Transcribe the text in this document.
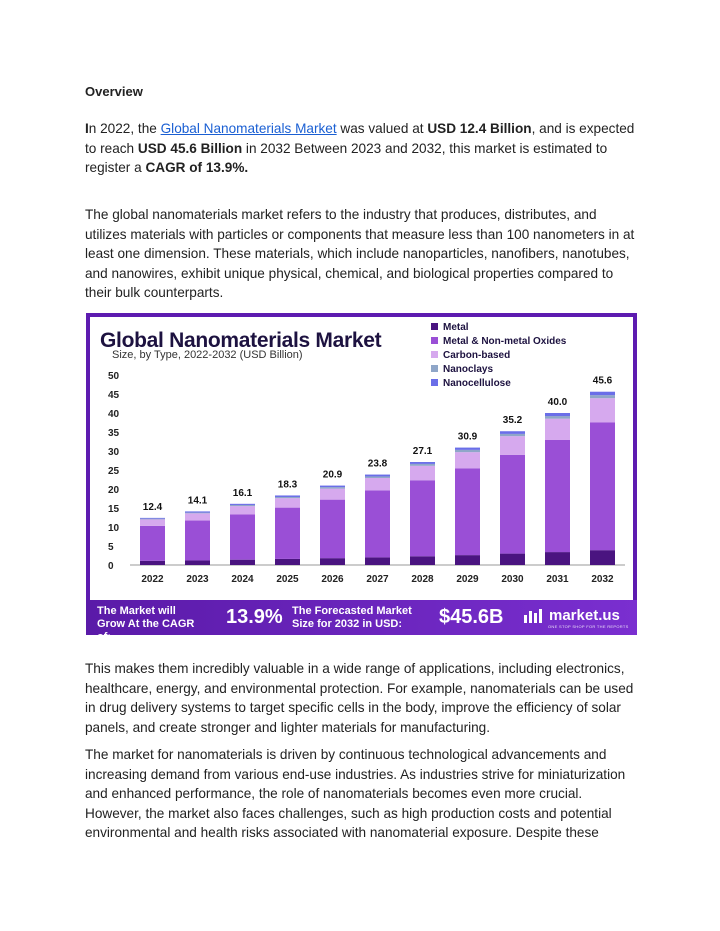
Overview

In 2022, the Global Nanomaterials Market was valued at USD 12.4 Billion, and is expected to reach USD 45.6 Billion in 2032 Between 2023 and 2032, this market is estimated to register a CAGR of 13.9%.

The global nanomaterials market refers to the industry that produces, distributes, and utilizes materials with particles or components that measure less than 100 nanometers in at least one dimension. These materials, which include nanoparticles, nanofibers, nanotubes, and nanowires, exhibit unique physical, chemical, and biological properties compared to their bulk counterparts.

Global Nanomaterials Market
Size, by Type, 2022-2032 (USD Billion)
0
5
10
15
20
25
30
35
40
45
50
12.4
2022
14.1
2023
16.1
2024
18.3
2025
20.9
2026
23.8
2027
27.1
2028
30.9
2029
35.2
2030
40.0
2031
45.6
2032
Metal
Metal & Non-metal Oxides
Carbon-based
Nanoclays
Nanocellulose
The Market will Grow At the CAGR of:
13.9% The Forecasted Market Size for 2032 in USD:	$45.6B	market.us
ONE STOP SHOP FOR THE REPORTS

This makes them incredibly valuable in a wide range of applications, including electronics, healthcare, energy, and environmental protection. For example, nanomaterials can be used in drug delivery systems to target specific cells in the body, improve the efficiency of solar panels, and create stronger and lighter materials for manufacturing.

The market for nanomaterials is driven by continuous technological advancements and increasing demand from various end-use industries. As industries strive for miniaturization and enhanced performance, the role of nanomaterials becomes even more crucial. However, the market also faces challenges, such as high production costs and potential environmental and health risks associated with nanomaterial exposure. Despite these
